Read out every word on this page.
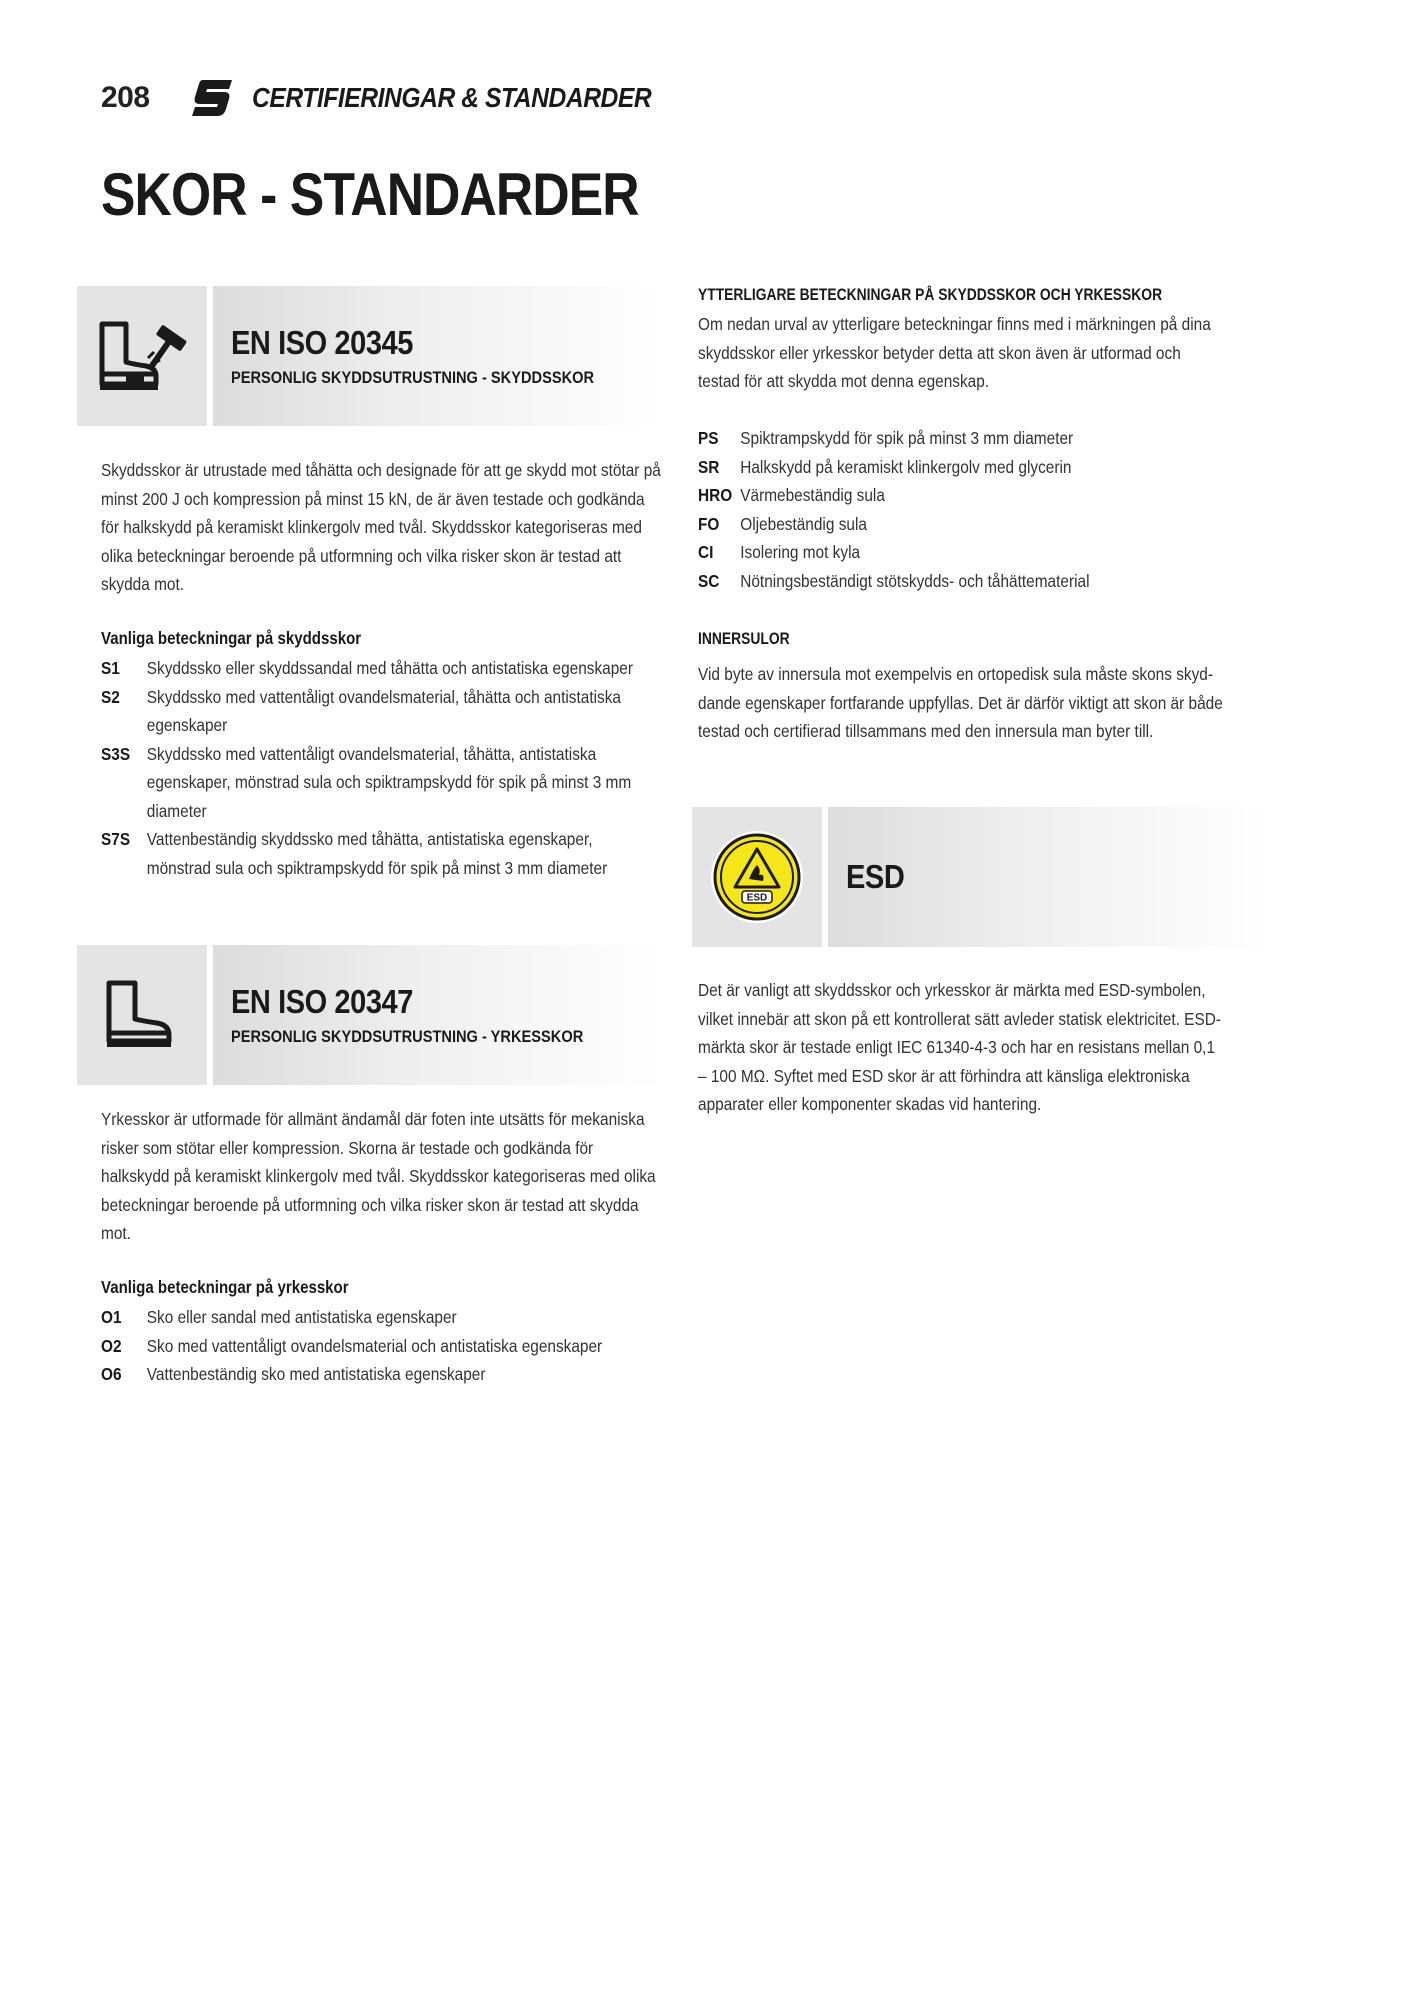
208	CERTIFIERINGAR & STANDARDER
SKOR - STANDARDER
EN ISO 20345
PERSONLIG SKYDDSUTRUSTNING - SKYDDSSKOR
Skyddsskor är utrustade med tåhätta och designade för att ge skydd mot stötar på minst 200 J och kompression på minst 15 kN, de är även testade och godkända för halkskydd på keramiskt klinkergolv med tvål. Skyddsskor kategoriseras med olika beteckningar beroende på utformning och vilka risker skon är testad att skydda mot.
Vanliga beteckningar på skyddsskor
S1	Skyddssko eller skyddssandal med tåhätta och antistatiska egenskaper
S2	Skyddssko med vattentåligt ovandelsmaterial, tåhätta och antistatiska egenskaper
S3S Skyddssko med vattentåligt ovandelsmaterial, tåhätta, antistatiska egenskaper, mönstrad sula och spiktrampskydd för spik på minst 3 mm diameter
S7S Vattenbeständig skyddssko med tåhätta, antistatiska egenskaper, mönstrad sula och spiktrampskydd för spik på minst 3 mm diameter
EN ISO 20347
PERSONLIG SKYDDSUTRUSTNING - YRKESSKOR
Yrkesskor är utformade för allmänt ändamål där foten inte utsätts för mekaniska risker som stötar eller kompression. Skorna är testade och godkända för halkskydd på keramiskt klinkergolv med tvål. Skyddsskor kategoriseras med olika beteckningar beroende på utformning och vilka risker skon är testad att skydda mot.
Vanliga beteckningar på yrkesskor
O1	Sko eller sandal med antistatiska egenskaper
O2	Sko med vattentåligt ovandelsmaterial och antistatiska egenskaper
O6	Vattenbeständig sko med antistatiska egenskaper
YTTERLIGARE BETECKNINGAR PÅ SKYDDSSKOR OCH YRKESSKOR
Om nedan urval av ytterligare beteckningar finns med i märkningen på dina skyddsskor eller yrkesskor betyder detta att skon även är utformad och testad för att skydda mot denna egenskap.
PS	Spiktrampskydd för spik på minst 3 mm diameter
SR	Halkskydd på keramiskt klinkergolv med glycerin
HRO Värmebeständig sula
FO	Oljebeständig sula
CI	Isolering mot kyla
SC	Nötningsbeständigt stötskydds- och tåhättematerial
INNERSULOR
Vid byte av innersula mot exempelvis en ortopedisk sula måste skons skyd-dande egenskaper fortfarande uppfyllas. Det är därför viktigt att skon är både testad och certifierad tillsammans med den innersula man byter till.
ESD
ESD
Det är vanligt att skyddsskor och yrkesskor är märkta med ESD-symbolen, vilket innebär att skon på ett kontrollerat sätt avleder statisk elektricitet. ESD-märkta skor är testade enligt IEC 61340-4-3 och har en resistans mellan 0,1 – 100 MΩ. Syftet med ESD skor är att förhindra att känsliga elektroniska apparater eller komponenter skadas vid hantering.
